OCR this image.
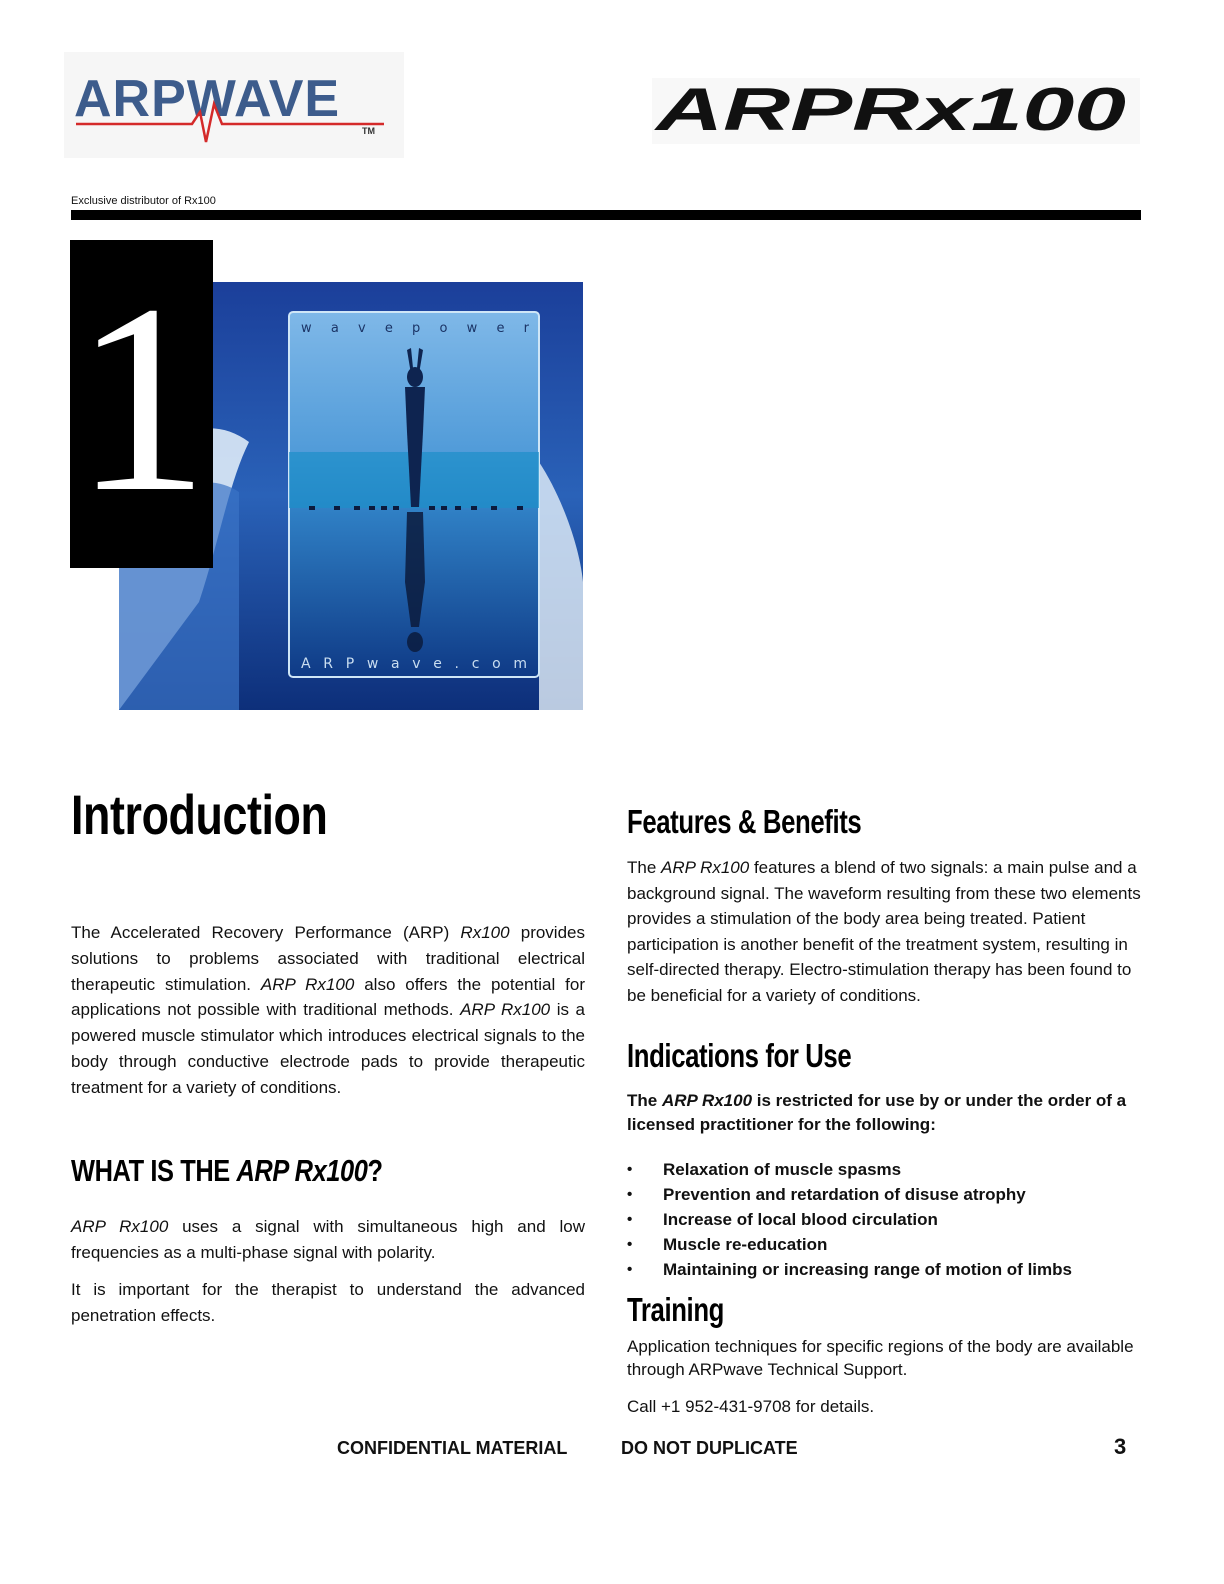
ARPWAVE
TM	ARPRx100
Exclusive distributor of Rx100
w a v e p o w e r
ARPwave.com
1
Introduction

The Accelerated Recovery Performance (ARP) Rx100 provides solutions to problems associated with traditional electrical therapeutic stimulation. ARP Rx100 also offers the potential for applications not possible with traditional methods. ARP Rx100 is a powered muscle stimulator which introduces electrical signals to the body through conductive electrode pads to provide therapeutic treatment for a variety of conditions.

WHAT IS THE ARP Rx100?

ARP Rx100 uses a signal with simultaneous high and low frequencies as a multi-phase signal with polarity.

It is important for the therapist to understand the advanced penetration effects.

Features & Benefits

The ARP Rx100 features a blend of two signals: a main pulse and a background signal. The waveform resulting from these two elements provides a stimulation of the body area being treated. Patient participation is another benefit of the treatment system, resulting in self-directed therapy. Electro-stimulation therapy has been found to be beneficial for a variety of conditions.

Indications for Use

The ARP Rx100 is restricted for use by or under the order of a licensed practitioner for the following:

• Relaxation of muscle spasms
• Prevention and retardation of disuse atrophy
• Increase of local blood circulation
• Muscle re-education
• Maintaining or increasing range of motion of limbs
Training

Application techniques for specific regions of the body are available through ARPwave Technical Support.

Call +1 952-431-9708 for details.

CONFIDENTIAL MATERIAL	DO NOT DUPLICATE	3
